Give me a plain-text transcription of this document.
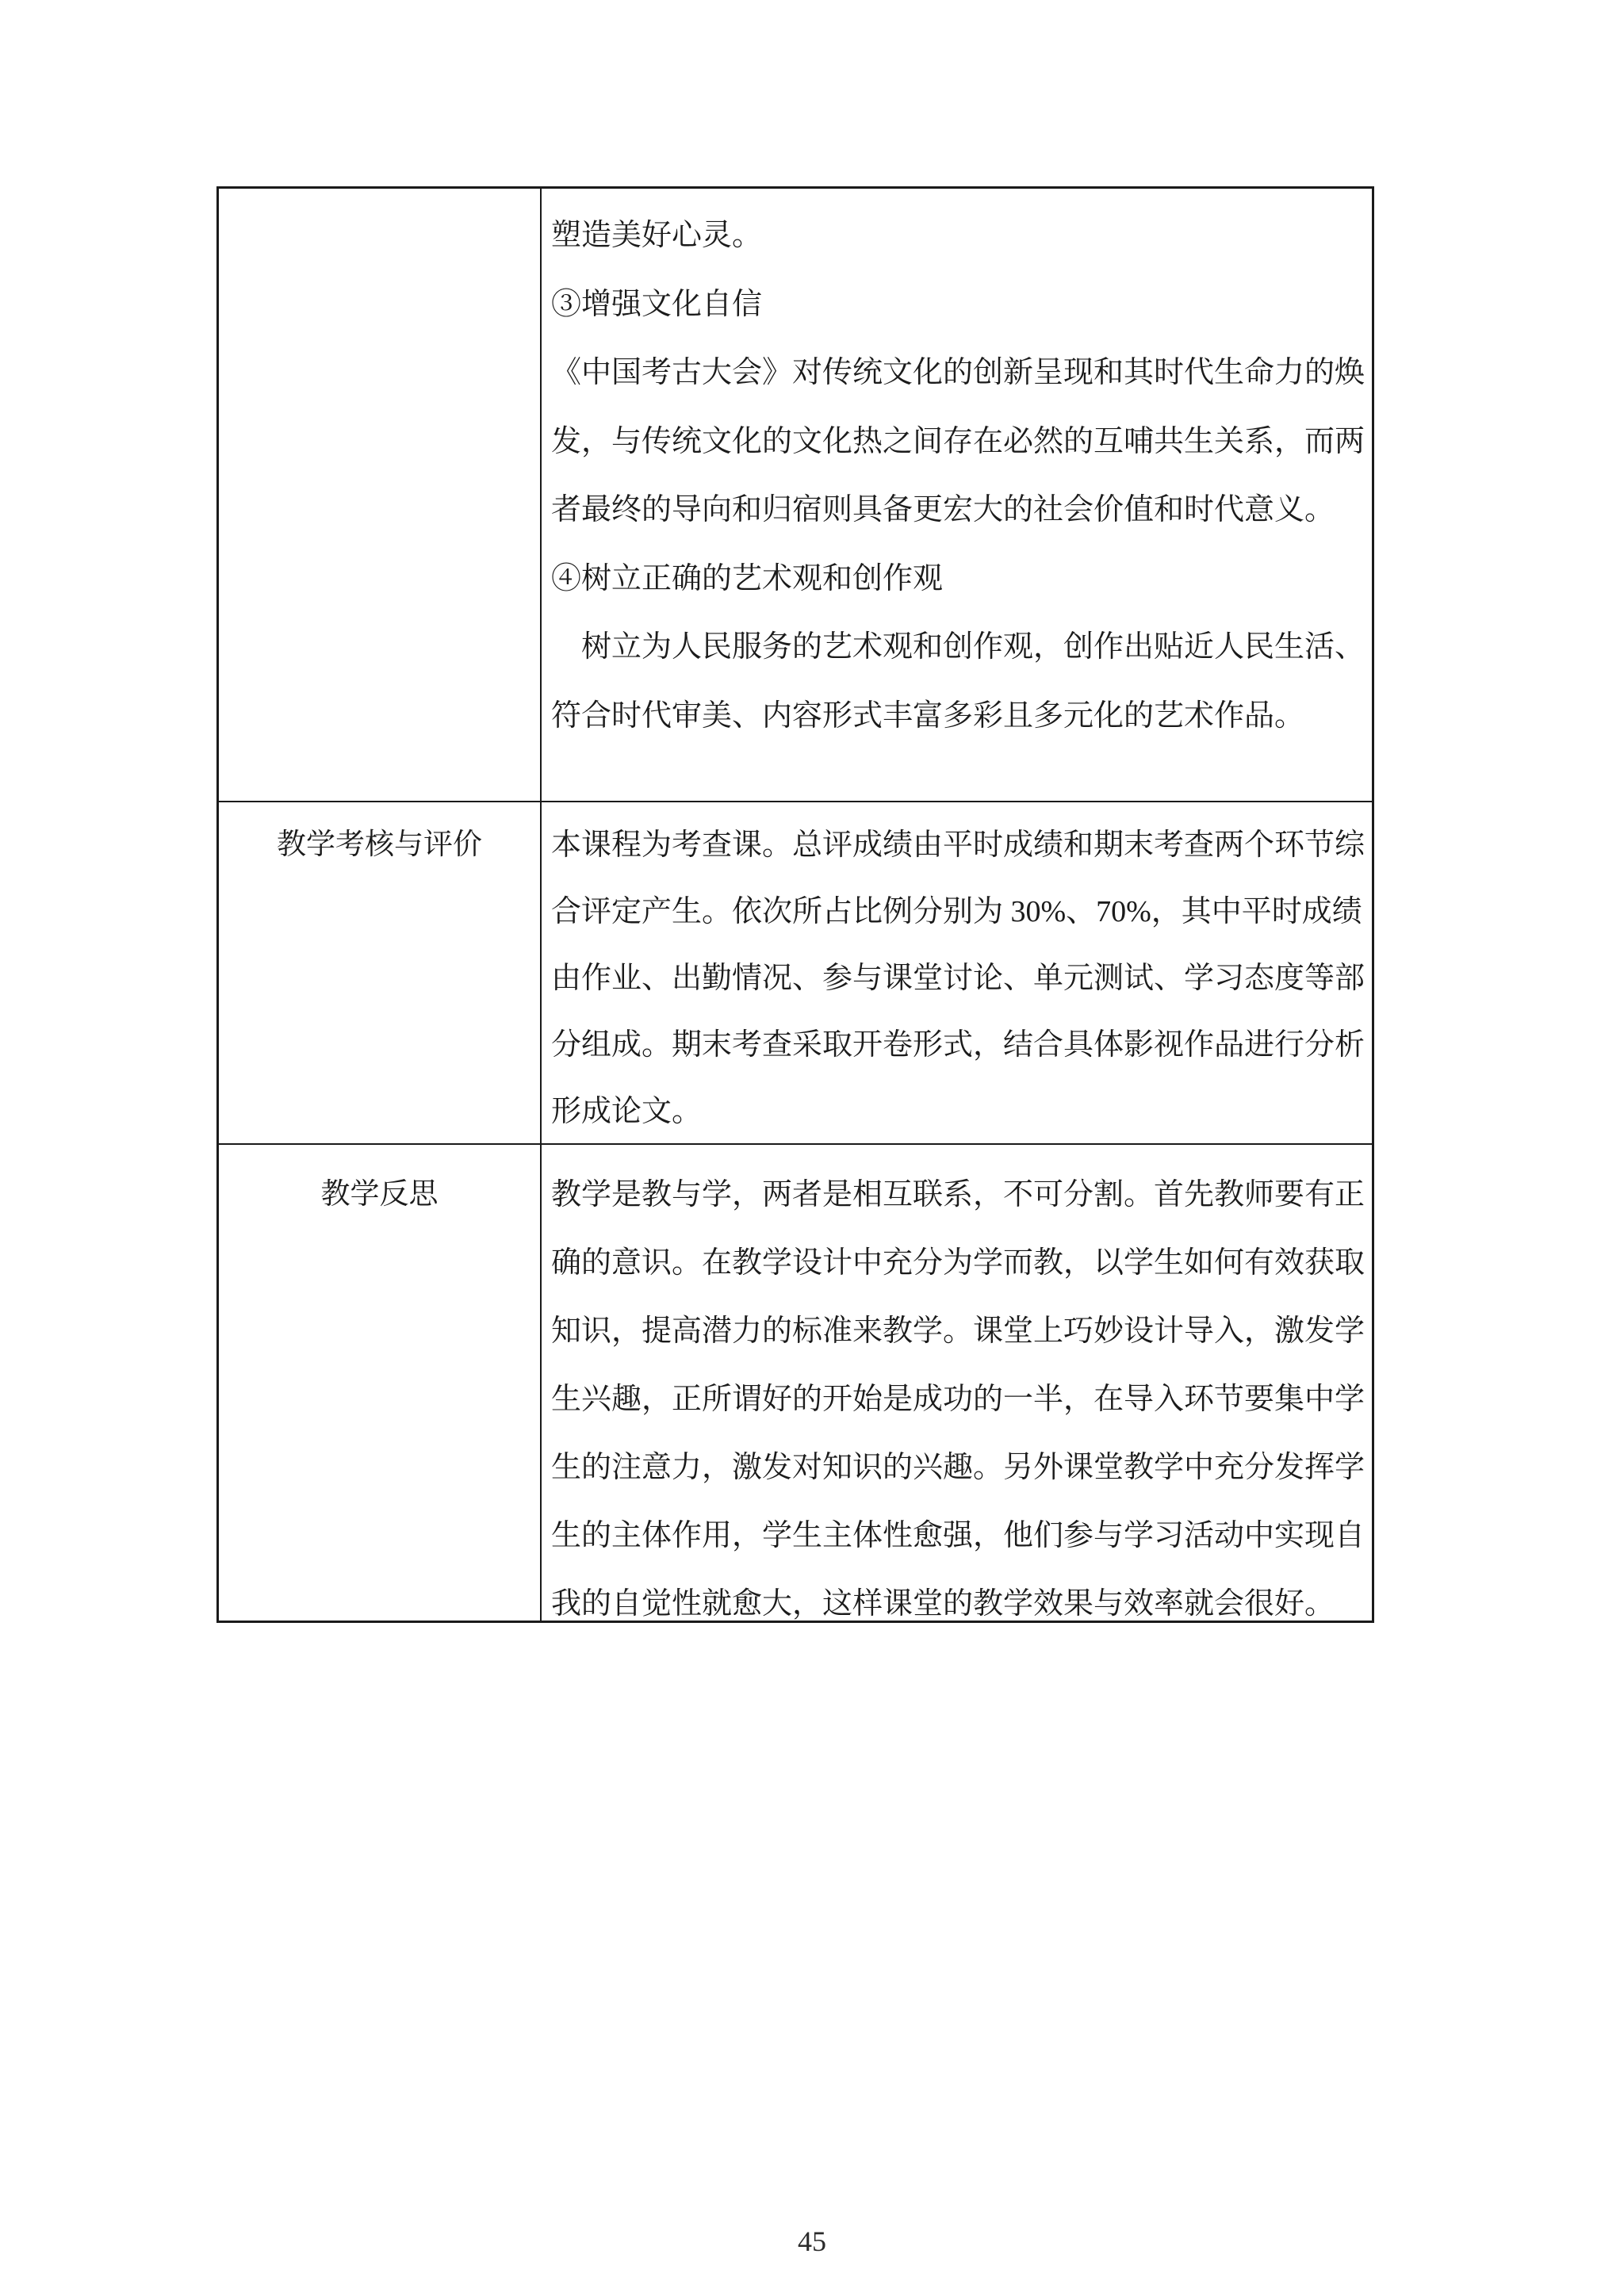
塑造美好心灵。
③增强文化自信
《中国考古大会》对传统文化的创新呈现和其时代生命力的焕
发，与传统文化的文化热之间存在必然的互哺共生关系，而两
者最终的导向和归宿则具备更宏大的社会价值和时代意义。
④树立正确的艺术观和创作观
　树立为人民服务的艺术观和创作观，创作出贴近人民生活、
符合时代审美、内容形式丰富多彩且多元化的艺术作品。
教学考核与评价	本课程为考查课。总评成绩由平时成绩和期末考查两个环节综
合评定产生。依次所占比例分别为 30%、70%，其中平时成绩
由作业、出勤情况、参与课堂讨论、单元测试、学习态度等部
分组成。期末考查采取开卷形式，结合具体影视作品进行分析
形成论文。
教学反思	教学是教与学，两者是相互联系，不可分割。首先教师要有正
确的意识。在教学设计中充分为学而教，以学生如何有效获取
知识，提高潜力的标准来教学。课堂上巧妙设计导入，激发学
生兴趣，正所谓好的开始是成功的一半，在导入环节要集中学
生的注意力，激发对知识的兴趣。另外课堂教学中充分发挥学
生的主体作用，学生主体性愈强，他们参与学习活动中实现自
我的自觉性就愈大，这样课堂的教学效果与效率就会很好。
45
